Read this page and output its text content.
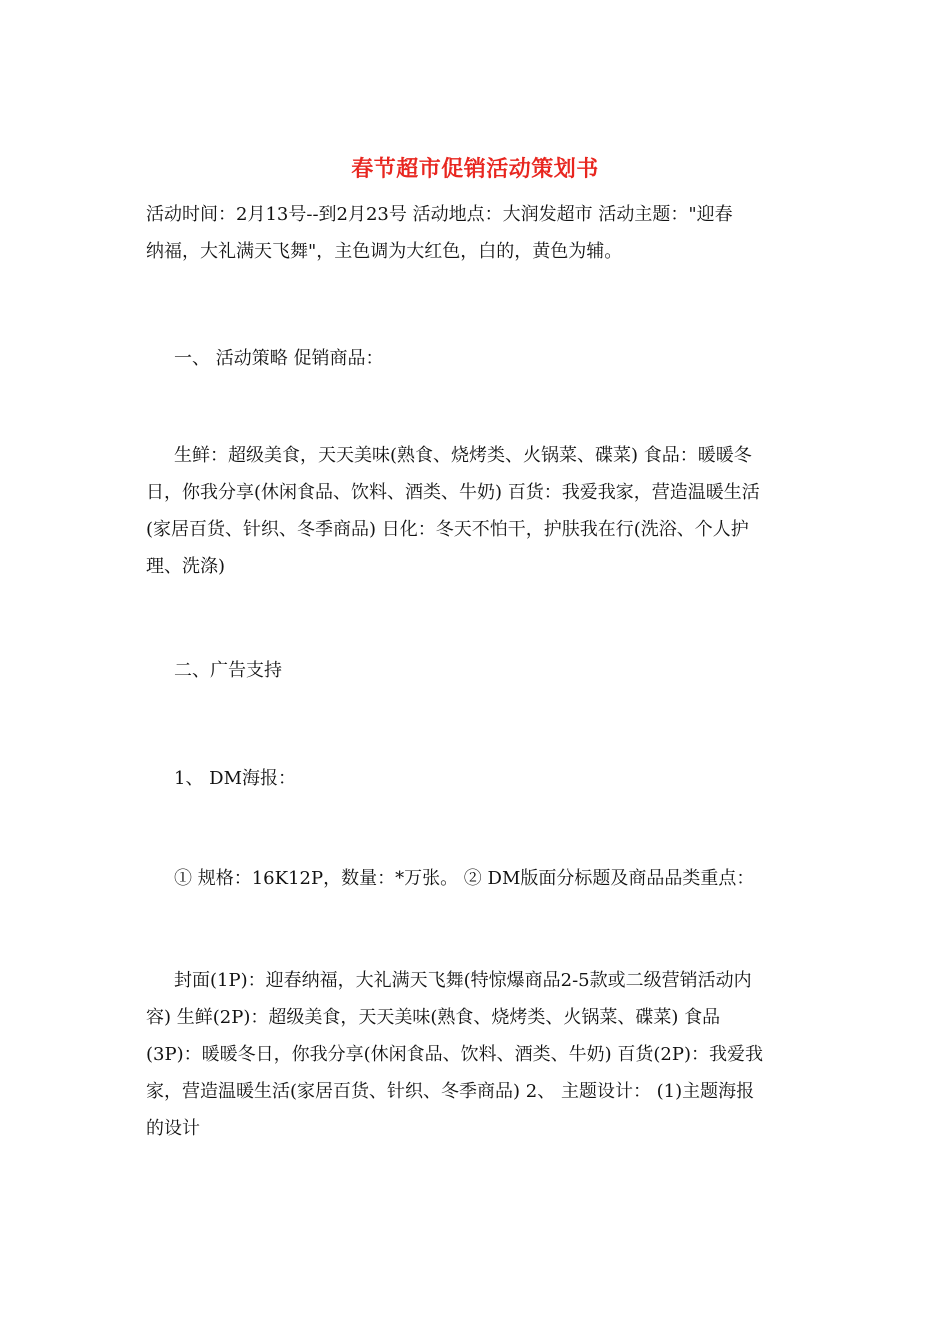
春节超市促销活动策划书
活动时间：2月13号--到2月23号 活动地点：大润发超市 活动主题："迎春
纳福，大礼满天飞舞"，主色调为大红色，白的，黄色为辅。
一、 活动策略 促销商品：
生鲜：超级美食，天天美味(熟食、烧烤类、火锅菜、碟菜) 食品：暖暖冬
日，你我分享(休闲食品、饮料、酒类、牛奶) 百货：我爱我家，营造温暖生活
(家居百货、针织、冬季商品) 日化：冬天不怕干，护肤我在行(洗浴、个人护
理、洗涤)
二、广告支持
1、 DM海报：
① 规格：16K12P，数量：*万张。 ② DM版面分标题及商品品类重点：
封面(1P)：迎春纳福，大礼满天飞舞(特惊爆商品2-5款或二级营销活动内
容) 生鲜(2P)：超级美食，天天美味(熟食、烧烤类、火锅菜、碟菜) 食品
(3P)：暖暖冬日，你我分享(休闲食品、饮料、酒类、牛奶) 百货(2P)：我爱我
家，营造温暖生活(家居百货、针织、冬季商品) 2、 主题设计： (1)主题海报
的设计
